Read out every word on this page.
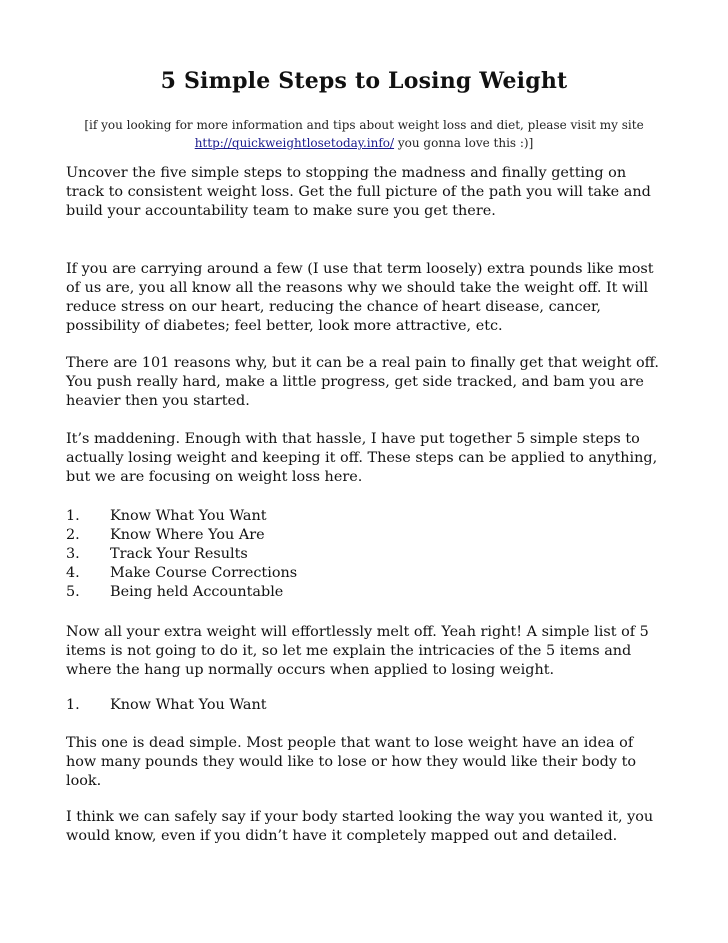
5 Simple Steps to Losing Weight
[if you looking for more information and tips about weight loss and diet, please visit my site
http://quickweightlosetoday.info/ you gonna love this :)]

Uncover the five simple steps to stopping the madness and finally getting on track to consistent weight loss. Get the full picture of the path you will take and build your accountability team to make sure you get there.

If you are carrying around a few (I use that term loosely) extra pounds like most of us are, you all know all the reasons why we should take the weight off. It will reduce stress on our heart, reducing the chance of heart disease, cancer, possibility of diabetes; feel better, look more attractive, etc.

There are 101 reasons why, but it can be a real pain to finally get that weight off. You push really hard, make a little progress, get side tracked, and bam you are heavier then you started.

It’s maddening. Enough with that hassle, I have put together 5 simple steps to actually losing weight and keeping it off. These steps can be applied to anything, but we are focusing on weight loss here.

1.	Know What You Want
2.	Know Where You Are
3.	Track Your Results
4.	Make Course Corrections
5.	Being held Accountable

Now all your extra weight will effortlessly melt off. Yeah right! A simple list of 5 items is not going to do it, so let me explain the intricacies of the 5 items and where the hang up normally occurs when applied to losing weight.

1.	Know What You Want

This one is dead simple. Most people that want to lose weight have an idea of how many pounds they would like to lose or how they would like their body to look.

I think we can safely say if your body started looking the way you wanted it, you would know, even if you didn’t have it completely mapped out and detailed.
